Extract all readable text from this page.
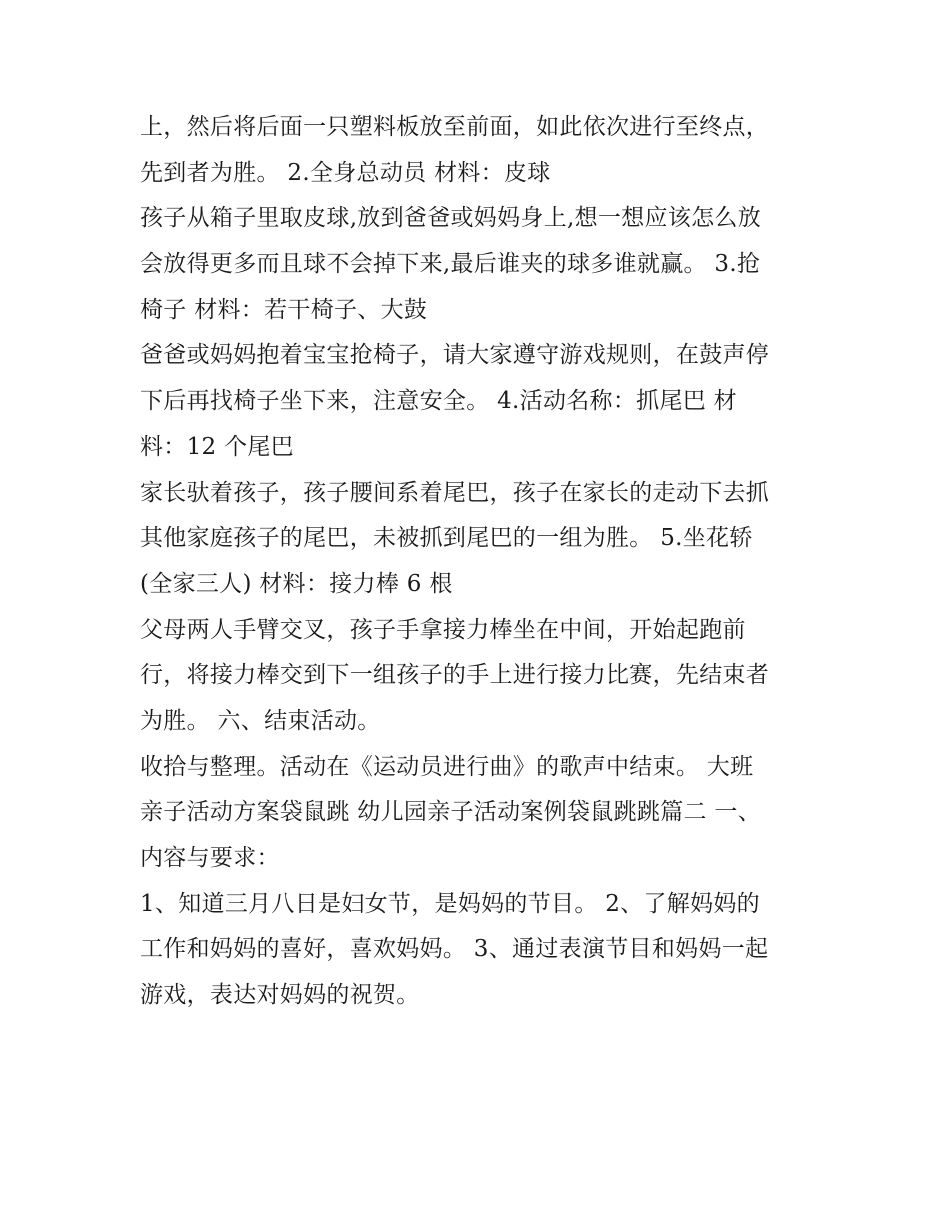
上，然后将后面一只塑料板放至前面，如此依次进行至终点，
先到者为胜。 2.全身总动员 材料：皮球
孩子从箱子里取皮球,放到爸爸或妈妈身上,想一想应该怎么放
会放得更多而且球不会掉下来,最后谁夹的球多谁就赢。 3.抢
椅子 材料：若干椅子、大鼓
爸爸或妈妈抱着宝宝抢椅子，请大家遵守游戏规则，在鼓声停
下后再找椅子坐下来，注意安全。 4.活动名称：抓尾巴 材
料：12 个尾巴
家长驮着孩子，孩子腰间系着尾巴，孩子在家长的走动下去抓
其他家庭孩子的尾巴，未被抓到尾巴的一组为胜。 5.坐花轿
(全家三人) 材料：接力棒 6 根
父母两人手臂交叉，孩子手拿接力棒坐在中间，开始起跑前
行，将接力棒交到下一组孩子的手上进行接力比赛，先结束者
为胜。 六、结束活动。
收拾与整理。活动在《运动员进行曲》的歌声中结束。 大班
亲子活动方案袋鼠跳 幼儿园亲子活动案例袋鼠跳跳篇二 一、
内容与要求：
1、知道三月八日是妇女节，是妈妈的节目。 2、了解妈妈的
工作和妈妈的喜好，喜欢妈妈。 3、通过表演节目和妈妈一起
游戏，表达对妈妈的祝贺。
